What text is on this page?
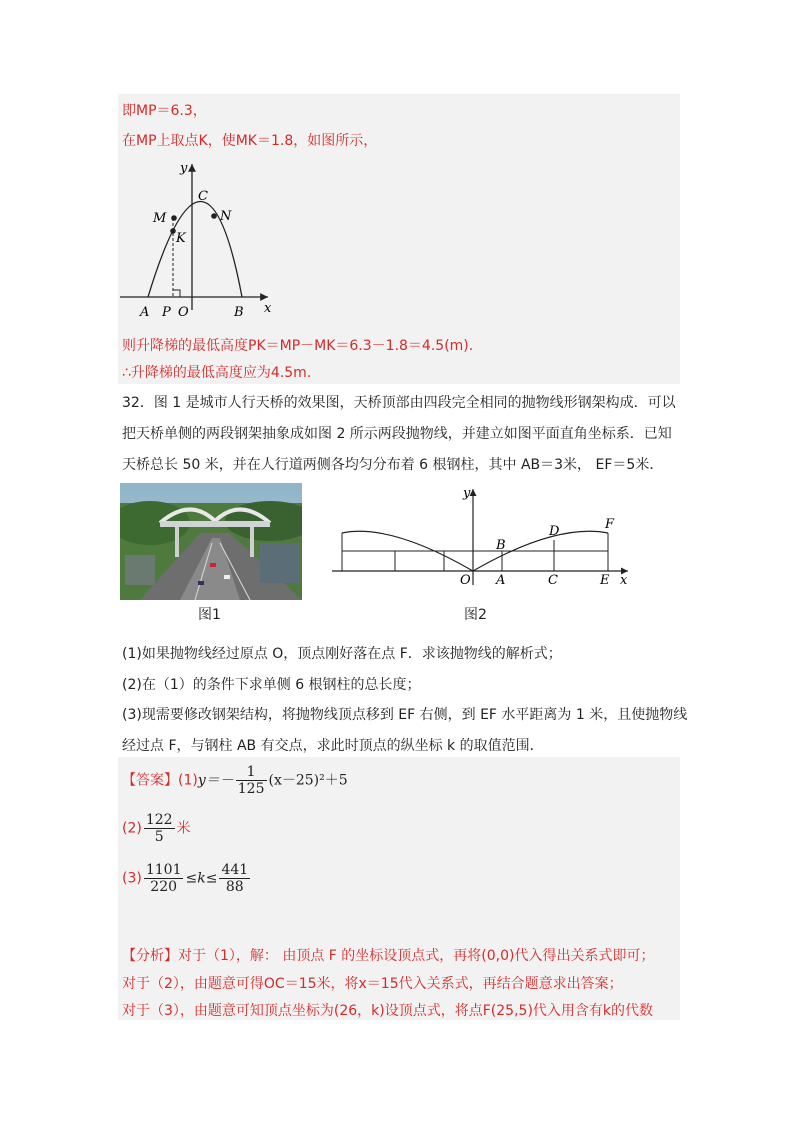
即MP＝6.3，
在MP上取点K，使MK＝1.8，如图所示，
y
x
C
M	N
K
A P O	B
则升降梯的最低高度PK＝MP－MK＝6.3－1.8＝4.5(m).
∴升降梯的最低高度应为4.5m.
32．图 1 是城市人行天桥的效果图，天桥顶部由四段完全相同的抛物线形钢架构成．可以
把天桥单侧的两段钢架抽象成如图 2 所示两段抛物线，并建立如图平面直角坐标系．已知
天桥总长 50 米，并在人行道两侧各均匀分布着 6 根钢柱，其中 AB＝3米， EF＝5米．
图1
y
x
O A
B
C
D
E
F
图2
(1)如果抛物线经过原点 O，顶点刚好落在点 F．求该抛物线的解析式；
(2)在（1）的条件下求单侧 6 根钢柱的总长度；
(3)现需要修改钢架结构，将抛物线顶点移到 EF 右侧，到 EF 水平距离为 1 米，且使抛物线
经过点 F，与钢柱 AB 有交点，求此时顶点的纵坐标 k 的取值范围．
【答案】$(1)y=- \frac{1}{125} (x-25)^2+5$
$(2) \frac{122}{5}$ 米
$(3) \frac{1101}{220} \le k\le \frac{441}{88}$
【分析】对于（1），解： 由顶点 F 的坐标设顶点式，再将(0,0)代入得出关系式即可；
对于（2），由题意可得OC＝15米，将x＝15代入关系式，再结合题意求出答案；
对于（3），由题意可知顶点坐标为(26，k)设顶点式，将点F(25,5)代入用含有k的代数
